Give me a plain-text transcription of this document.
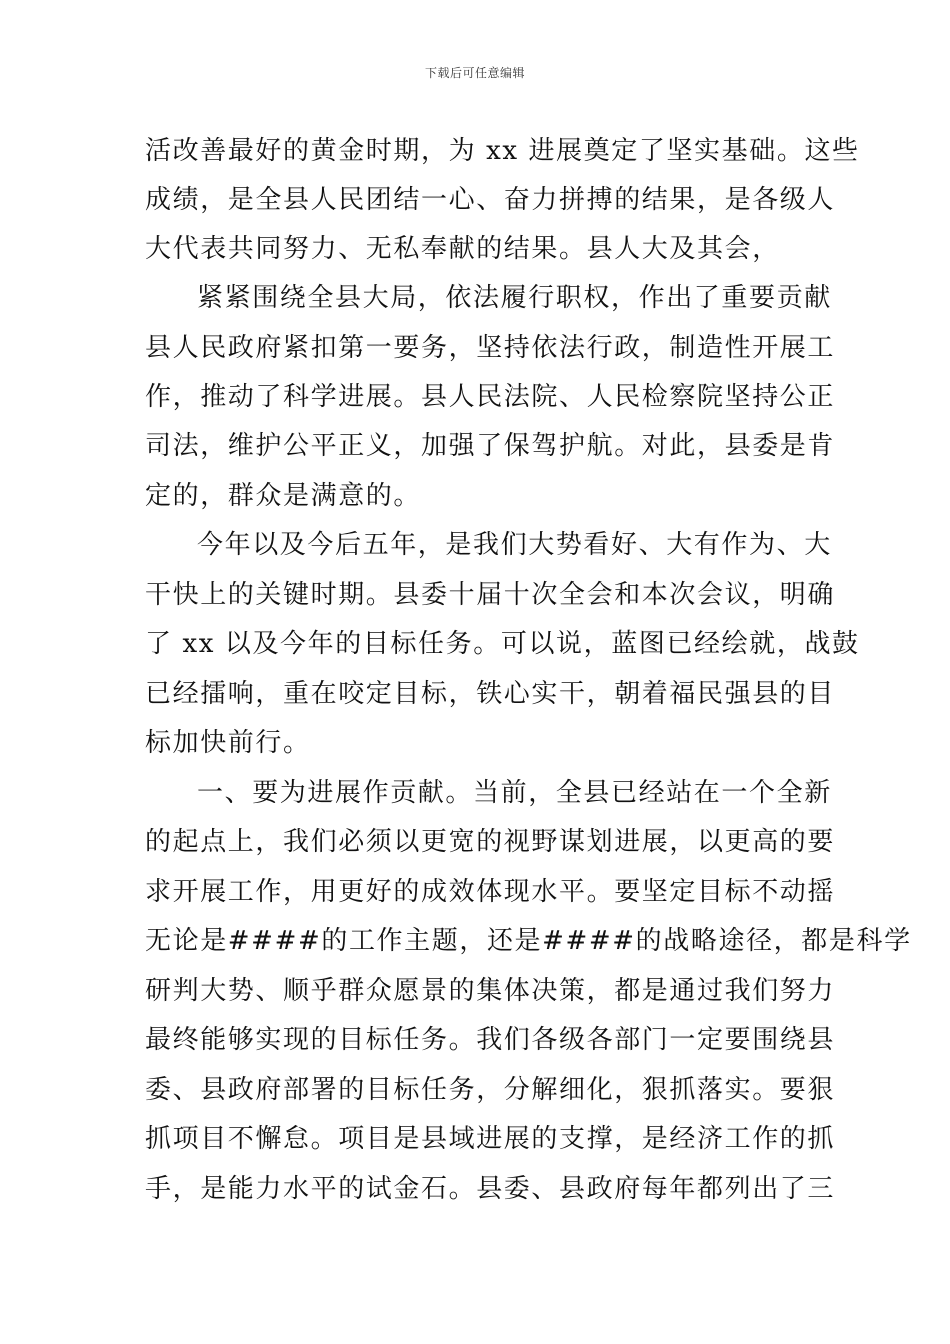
下载后可任意编辑
活改善最好的黄金时期，为 xx 进展奠定了坚实基础。这些
成绩，是全县人民团结一心、奋力拼搏的结果，是各级人
大代表共同努力、无私奉献的结果。县人大及其会，
紧紧围绕全县大局，依法履行职权，作出了重要贡献
县人民政府紧扣第一要务，坚持依法行政，制造性开展工
作，推动了科学进展。县人民法院、人民检察院坚持公正
司法，维护公平正义，加强了保驾护航。对此，县委是肯
定的，群众是满意的。
今年以及今后五年，是我们大势看好、大有作为、大
干快上的关键时期。县委十届十次全会和本次会议，明确
了 xx 以及今年的目标任务。可以说，蓝图已经绘就，战鼓
已经擂响，重在咬定目标，铁心实干，朝着福民强县的目
标加快前行。
一、要为进展作贡献。当前，全县已经站在一个全新
的起点上，我们必须以更宽的视野谋划进展，以更高的要
求开展工作，用更好的成效体现水平。要坚定目标不动摇
无论是####的工作主题，还是####的战略途径，都是科学
研判大势、顺乎群众愿景的集体决策，都是通过我们努力
最终能够实现的目标任务。我们各级各部门一定要围绕县
委、县政府部署的目标任务，分解细化，狠抓落实。要狠
抓项目不懈怠。项目是县域进展的支撑，是经济工作的抓
手，是能力水平的试金石。县委、县政府每年都列出了三
